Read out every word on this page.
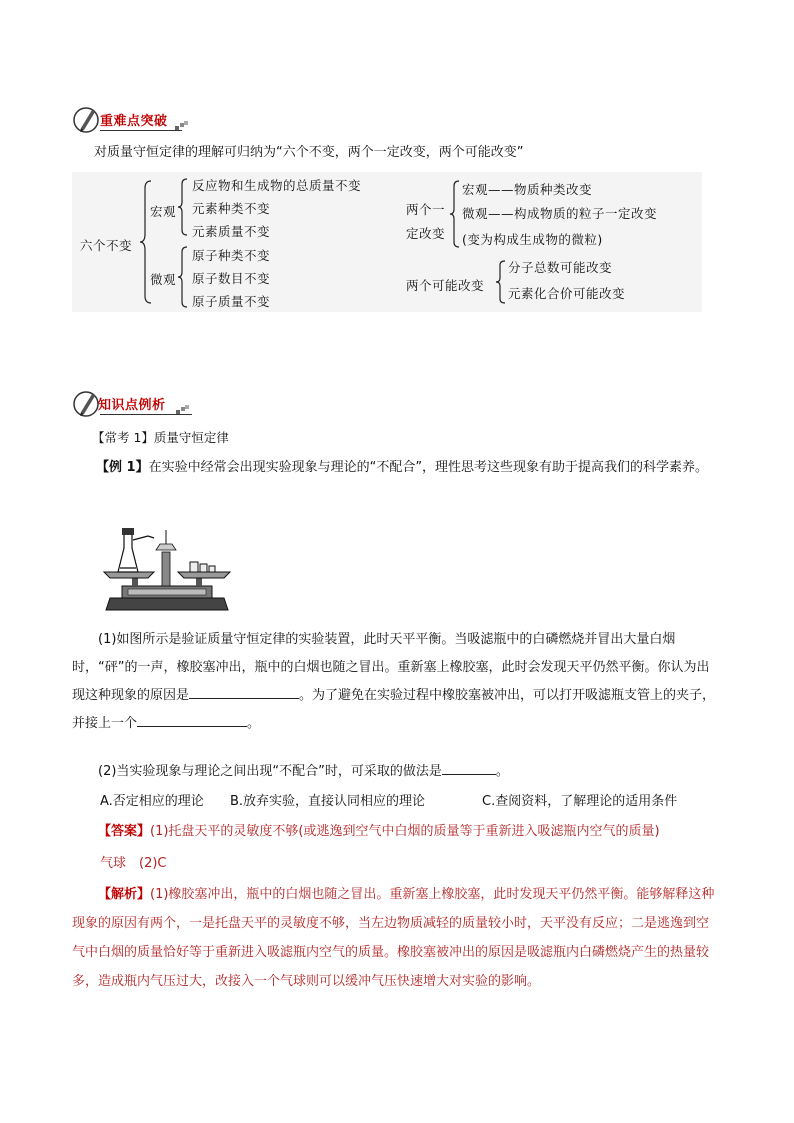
重难点突破
对质量守恒定律的理解可归纳为“六个不变，两个一定改变，两个可能改变”
六个不变
宏观
反应物和生成物的总质量不变
元素种类不变
元素质量不变
微观
原子种类不变
原子数目不变
原子质量不变
两个一
定改变
宏观——物质种类改变
微观——构成物质的粒子一定改变
(变为构成生成物的微粒)
两个可能改变
分子总数可能改变
元素化合价可能改变
知识点例析
【常考 1】质量守恒定律
【例 1】在实验中经常会出现实验现象与理论的“不配合”，理性思考这些现象有助于提高我们的科学素养。
(1)如图所示是验证质量守恒定律的实验装置，此时天平平衡。当吸滤瓶中的白磷燃烧并冒出大量白烟时，“砰”的一声，橡胶塞冲出，瓶中的白烟也随之冒出。重新塞上橡胶塞，此时会发现天平仍然平衡。你认为出现这种现象的原因是	。为了避免在实验过程中橡胶塞被冲出，可以打开吸滤瓶支管上的夹子，并接上一个	。
(2)当实验现象与理论之间出现“不配合”时，可采取的做法是	。
A.否定相应的理论 B.放弃实验，直接认同相应的理论	C.查阅资料，了解理论的适用条件
【答案】(1)托盘天平的灵敏度不够(或逃逸到空气中白烟的质量等于重新进入吸滤瓶内空气的质量)
气球　(2)C
【解析】(1)橡胶塞冲出，瓶中的白烟也随之冒出。重新塞上橡胶塞，此时发现天平仍然平衡。能够解释这种现象的原因有两个，一是托盘天平的灵敏度不够，当左边物质减轻的质量较小时，天平没有反应；二是逃逸到空气中白烟的质量恰好等于重新进入吸滤瓶内空气的质量。橡胶塞被冲出的原因是吸滤瓶内白磷燃烧产生的热量较多，造成瓶内气压过大，改接入一个气球则可以缓冲气压快速增大对实验的影响。
